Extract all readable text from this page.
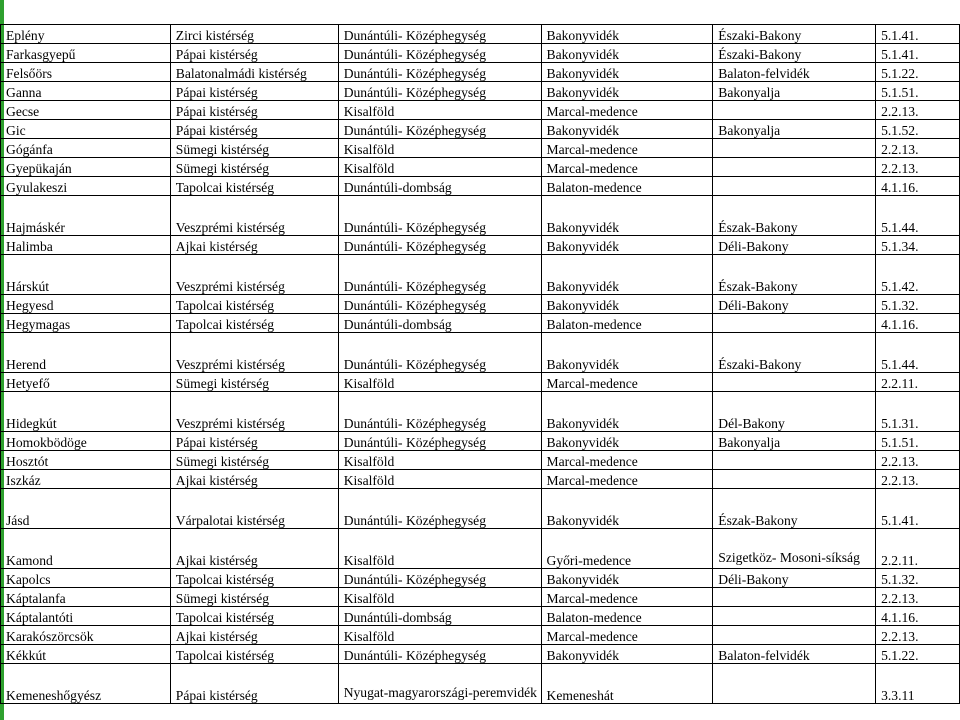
Eplény	Zirci kistérség	Dunántúli- Középhegység	Bakonyvidék	Északi-Bakony	5.1.41.
Farkasgyepű	Pápai kistérség	Dunántúli- Középhegység	Bakonyvidék	Északi-Bakony	5.1.41.
Felsőörs	Balatonalmádi kistérség	Dunántúli- Középhegység	Bakonyvidék	Balaton-felvidék	5.1.22.
Ganna	Pápai kistérség	Dunántúli- Középhegység	Bakonyvidék	Bakonyalja	5.1.51.
Gecse	Pápai kistérség	Kisalföld	Marcal-medence		2.2.13.
Gic	Pápai kistérség	Dunántúli- Középhegység	Bakonyvidék	Bakonyalja	5.1.52.
Gógánfa	Sümegi kistérség	Kisalföld	Marcal-medence		2.2.13.
Gyepükaján	Sümegi kistérség	Kisalföld	Marcal-medence		2.2.13.
Gyulakeszi	Tapolcai kistérség	Dunántúli-dombság	Balaton-medence		4.1.16.
Hajmáskér	Veszprémi kistérség	Dunántúli- Középhegység	Bakonyvidék	Észak-Bakony	5.1.44.
Halimba	Ajkai kistérség	Dunántúli- Középhegység	Bakonyvidék	Déli-Bakony	5.1.34.
Hárskút	Veszprémi kistérség	Dunántúli- Középhegység	Bakonyvidék	Észak-Bakony	5.1.42.
Hegyesd	Tapolcai kistérség	Dunántúli- Középhegység	Bakonyvidék	Déli-Bakony	5.1.32.
Hegymagas	Tapolcai kistérség	Dunántúli-dombság	Balaton-medence		4.1.16.
Herend	Veszprémi kistérség	Dunántúli- Középhegység	Bakonyvidék	Északi-Bakony	5.1.44.
Hetyefő	Sümegi kistérség	Kisalföld	Marcal-medence		2.2.11.
Hidegkút	Veszprémi kistérség	Dunántúli- Középhegység	Bakonyvidék	Dél-Bakony	5.1.31.
Homokbödöge	Pápai kistérség	Dunántúli- Középhegység	Bakonyvidék	Bakonyalja	5.1.51.
Hosztót	Sümegi kistérség	Kisalföld	Marcal-medence		2.2.13.
Iszkáz	Ajkai kistérség	Kisalföld	Marcal-medence		2.2.13.
Jásd	Várpalotai kistérség	Dunántúli- Középhegység	Bakonyvidék	Észak-Bakony	5.1.41.
Kamond	Ajkai kistérség	Kisalföld	Győri-medence	Szigetköz- Mosoni-síkság	2.2.11.
Kapolcs	Tapolcai kistérség	Dunántúli- Középhegység	Bakonyvidék	Déli-Bakony	5.1.32.
Káptalanfa	Sümegi kistérség	Kisalföld	Marcal-medence		2.2.13.
Káptalantóti	Tapolcai kistérség	Dunántúli-dombság	Balaton-medence		4.1.16.
Karakószörcsök	Ajkai kistérség	Kisalföld	Marcal-medence		2.2.13.
Kékkút	Tapolcai kistérség	Dunántúli- Középhegység	Bakonyvidék	Balaton-felvidék	5.1.22.
Kemeneshőgyész	Pápai kistérség	Nyugat-magyarországi-peremvidék	Kemeneshát		3.3.11
